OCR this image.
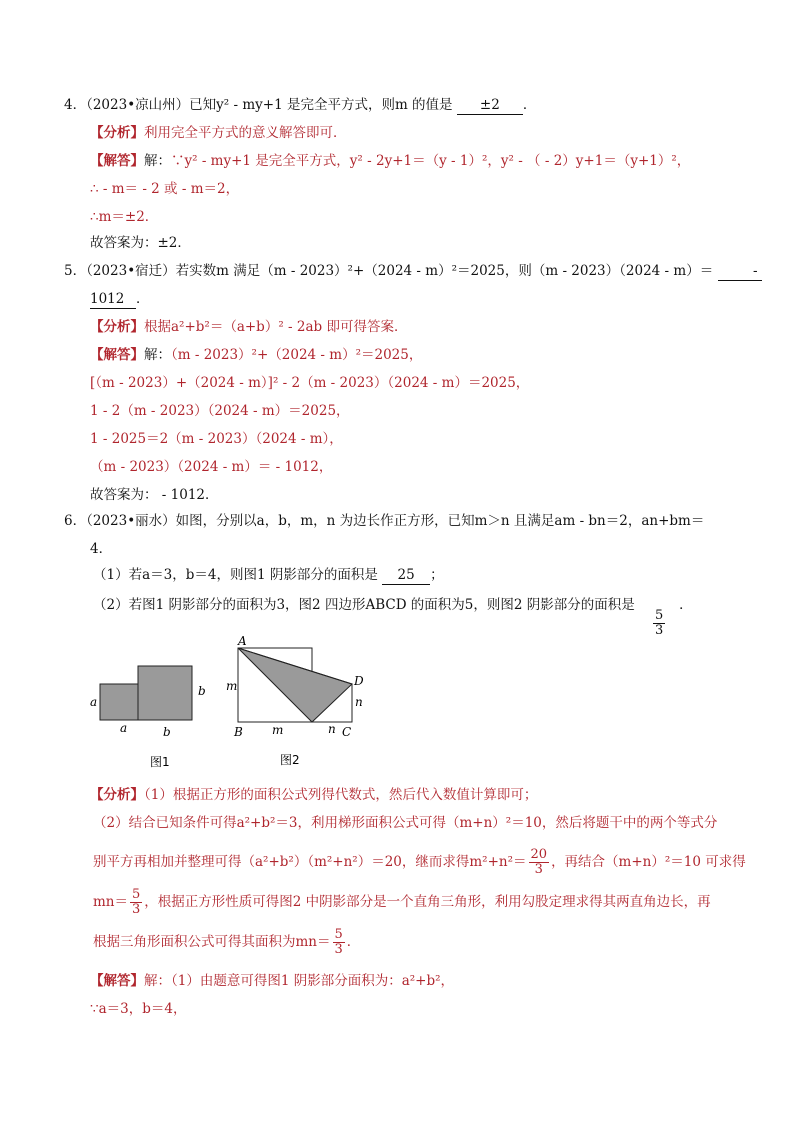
4．（2023•凉山州）已知y² - my+1 是完全平方式，则m 的值是 ±2 ．
【分析】利用完全平方式的意义解答即可．
【解答】解：∵y² - my+1 是完全平方式，y² - 2y+1＝（y - 1）²，y² - （ - 2）y+1＝（y+1）²，
∴ - m＝ - 2 或 - m＝2，
∴m＝±2．
故答案为：±2．
5．（2023•宿迁）若实数m 满足（m - 2023）²+（2024 - m）²＝2025，则（m - 2023）（2024 - m）＝	-
1012 ．
【分析】根据a²+b²＝（a+b）² - 2ab 即可得答案．
【解答】解：（m - 2023）²+（2024 - m）²＝2025，
[（m - 2023）+（2024 - m）]² - 2（m - 2023）（2024 - m）＝2025，
1 - 2（m - 2023）（2024 - m）＝2025，
1 - 2025＝2（m - 2023）（2024 - m），
（m - 2023）（2024 - m）＝ - 1012，
故答案为： - 1012．
6．（2023•丽水）如图，分别以a，b，m，n 为边长作正方形，已知m＞n 且满足am - bn＝2，an+bm＝
4．
（1）若a＝3，b＝4，则图1 阴影部分的面积是 25 ；
（2）若图1 阴影部分的面积为3，图2 四边形ABCD 的面积为5，则图2 阴影部分的面积是
$\frac{5}{3}$
．
a
a
b
b
图1
A
B	C
D
m
m
n
n
图2
【分析】（1）根据正方形的面积公式列得代数式，然后代入数值计算即可；
（2）结合已知条件可得a²+b²＝3，利用梯形面积公式可得（m+n）²＝10，然后将题干中的两个等式分
别平方再相加并整理可得（a²+b²）（m²+n²）＝20，继而求得$m^2+n^2= \frac{20}{3}$ ，再结合（m+n）²＝10 可求得
$mn= \frac{5}{3}$ ，根据正方形性质可得图2 中阴影部分是一个直角三角形，利用勾股定理求得其两直角边长，再
根据三角形面积公式可得其面积为$mn= \frac{5}{3}$ ．
【解答】解：（1）由题意可得图1 阴影部分面积为：a²+b²，
∵a＝3，b＝4，
